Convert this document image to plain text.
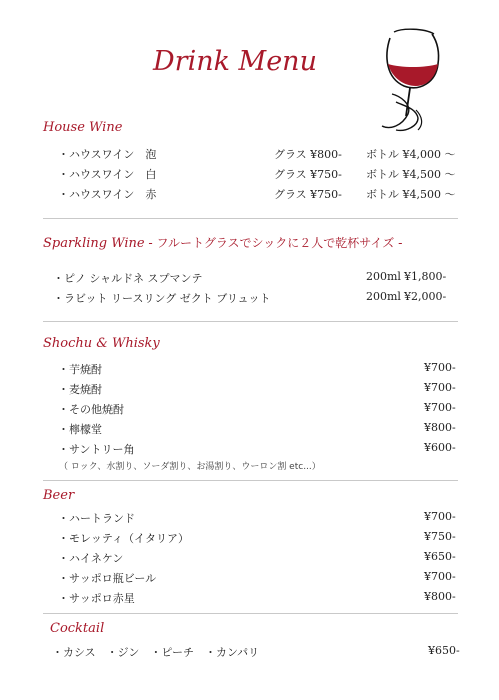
Drink Menu
House Wine
・ハウスワイン　泡	グラス ¥800- ボトル ¥4,000 ～
・ハウスワイン　白	グラス ¥750- ボトル ¥4,500 ～
・ハウスワイン　赤	グラス ¥750- ボトル ¥4,500 ～
Sparkling Wine - フルートグラスでシックに２人で乾杯サイズ -
・ピノ シャルドネ スプマンテ	200ml ¥1,800-
・ラビット リースリング ゼクト ブリュット	200ml ¥2,000-
Shochu & Whisky
・芋焼酎	¥700-
・麦焼酎	¥700-
・その他焼酎	¥700-
・檸檬堂	¥800-
・サントリー角	¥600-
（ ロック、水割り、ソーダ割り、お湯割り、ウーロン割 etc...）
Beer
・ハートランド	¥700-
・モレッティ（イタリア）	¥750-
・ハイネケン	¥650-
・サッポロ瓶ビール	¥700-
・サッポロ赤星	¥800-
Cocktail
・カシス　・ジン　・ピーチ　・カンパリ	¥650-
